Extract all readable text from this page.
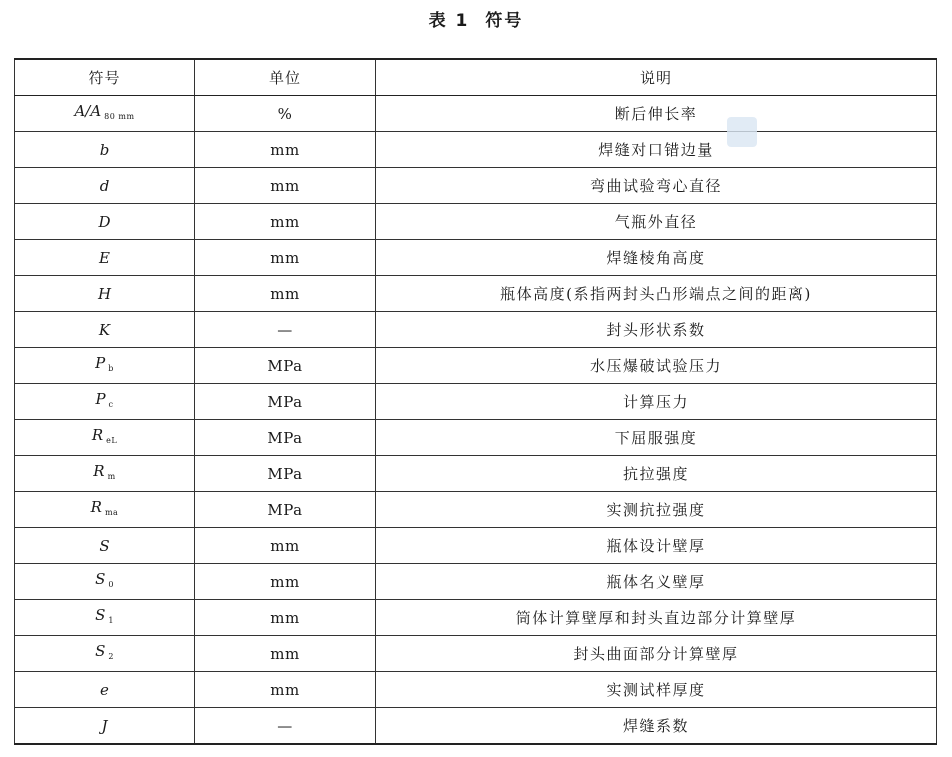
表 1 符号
符号	单位	说明
A/A $_{80 mm}$	%	断后伸长率
b	mm	焊缝对口错边量
d	mm	弯曲试验弯心直径
D	mm	气瓶外直径
E	mm	焊缝棱角高度
H	mm	瓶体高度(系指两封头凸形端点之间的距离)
K	—	封头形状系数
P $_b$	MPa	水压爆破试验压力
P $_c$	MPa	计算压力
R $_{eL}$	MPa	下屈服强度
R $_m$	MPa	抗拉强度
R $_{ma}$	MPa	实测抗拉强度
S	mm	瓶体设计壁厚
S $_0$	mm	瓶体名义壁厚
S $_1$	mm	筒体计算壁厚和封头直边部分计算壁厚
S $_2$	mm	封头曲面部分计算壁厚
e	mm	实测试样厚度
J	—	焊缝系数
